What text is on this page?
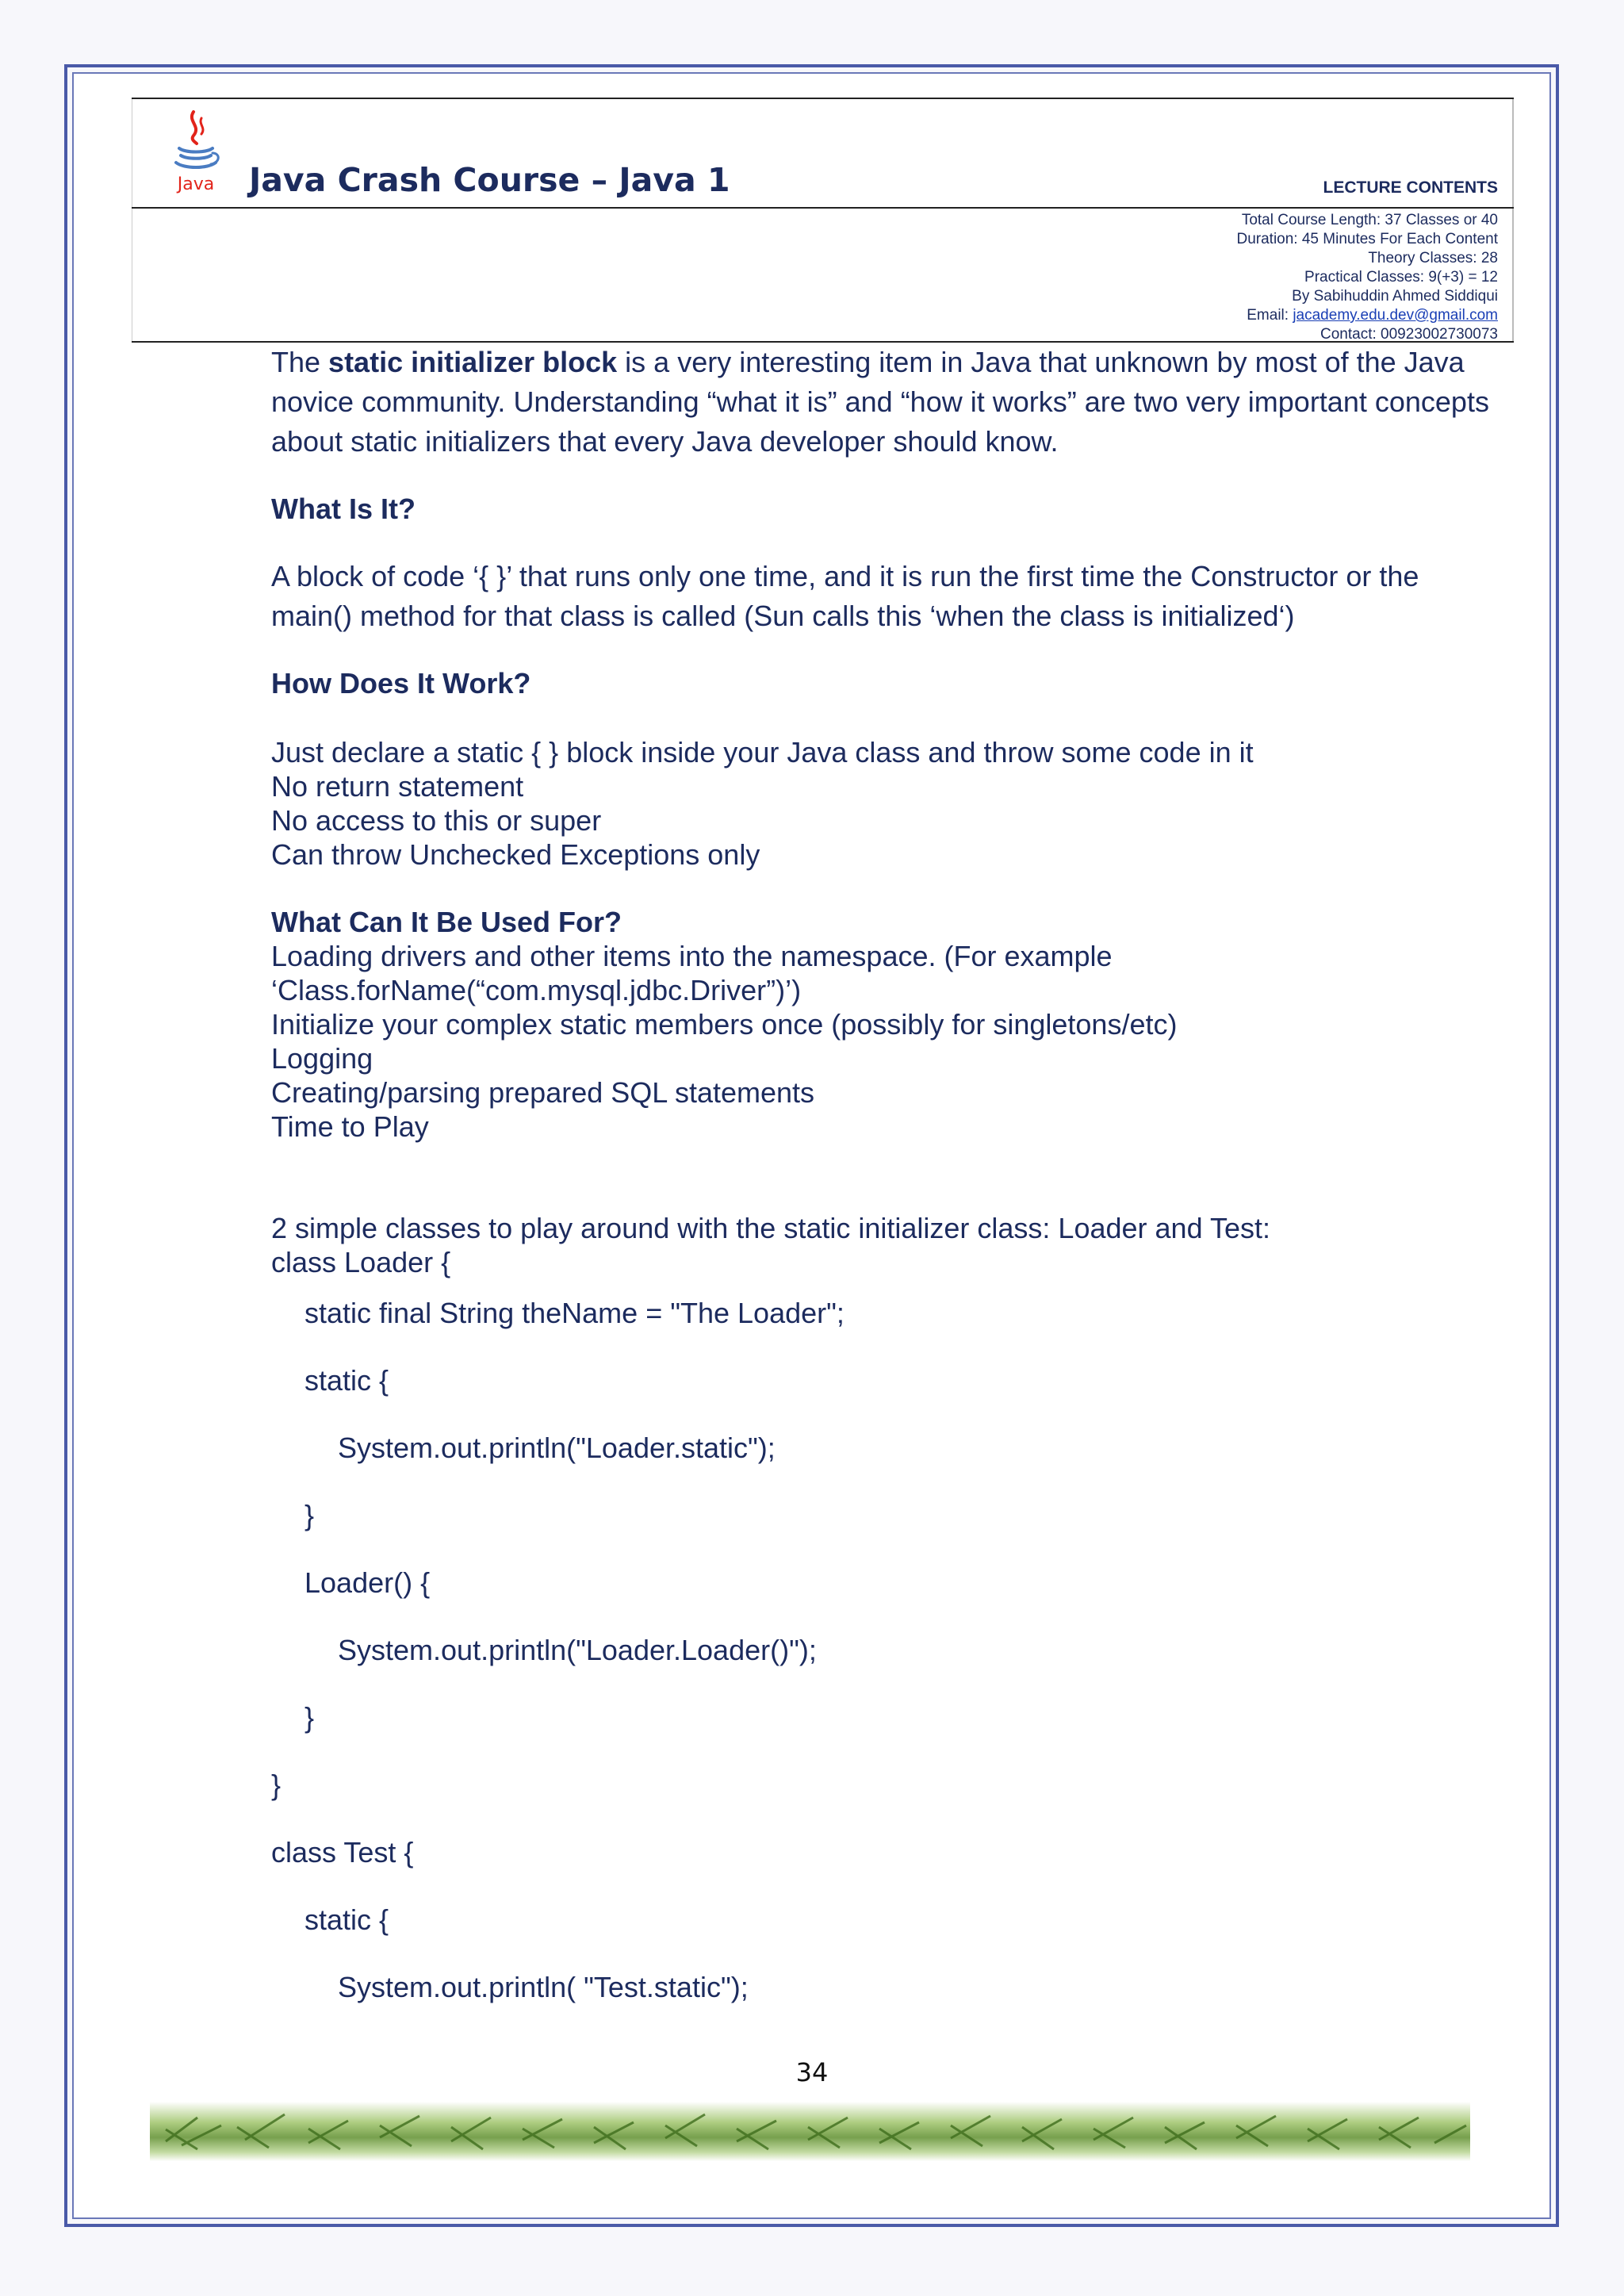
Java Java Crash Course – Java 1	LECTURE CONTENTS
Total Course Length: 37 Classes or 40
Duration: 45 Minutes For Each Content
Theory Classes: 28
Practical Classes: 9(+3) = 12
By Sabihuddin Ahmed Siddiqui
Email: jacademy.edu.dev@gmail.com
Contact: 00923002730073

The static initializer block is a very interesting item in Java that unknown by most of the Java novice community. Understanding “what it is” and “how it works” are two very important concepts about static initializers that every Java developer should know.

What Is It?

A block of code ‘{ }’ that runs only one time, and it is run the first time the Constructor or the main() method for that class is called (Sun calls this ‘when the class is initialized‘)

How Does It Work?

Just declare a static { } block inside your Java class and throw some code in it
No return statement
No access to this or super
Can throw Unchecked Exceptions only
What Can It Be Used For?
Loading drivers and other items into the namespace. (For example ‘Class.forName(“com.mysql.jdbc.Driver”)’)
Initialize your complex static members once (possibly for singletons/etc)
Logging
Creating/parsing prepared SQL statements
Time to Play
2 simple classes to play around with the static initializer class: Loader and Test:
class Loader {
static final String theName = "The Loader";
static {
System.out.println("Loader.static");
}
Loader() {
System.out.println("Loader.Loader()");
}
}
class Test {
static {
System.out.println( "Test.static");
34
